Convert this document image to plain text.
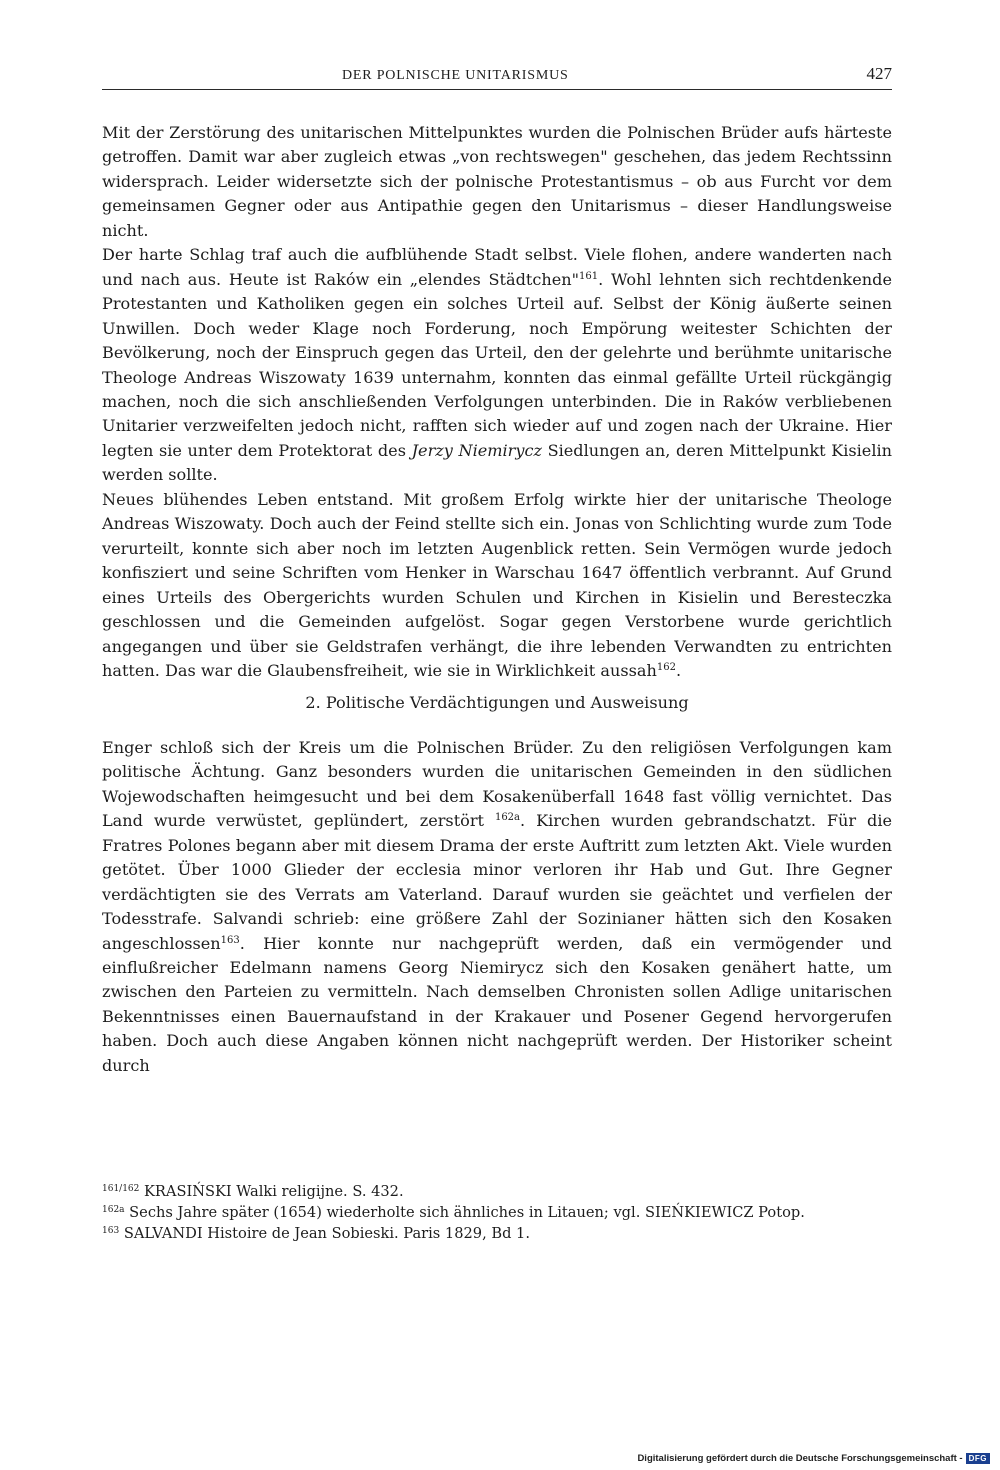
DER POLNISCHE UNITARISMUS	427

Mit der Zerstörung des unitarischen Mittelpunktes wurden die Polnischen Brüder aufs härteste getroffen. Damit war aber zugleich etwas „von rechtswegen" geschehen, das jedem Rechtssinn widersprach. Leider widersetzte sich der polnische Protestantismus – ob aus Furcht vor dem gemeinsamen Gegner oder aus Antipathie gegen den Unitarismus – dieser Handlungsweise nicht.

Der harte Schlag traf auch die aufblühende Stadt selbst. Viele flohen, andere wanderten nach und nach aus. Heute ist Raków ein „elendes Städtchen"$^{161}$. Wohl lehnten sich rechtdenkende Protestanten und Katholiken gegen ein solches Urteil auf. Selbst der König äußerte seinen Unwillen. Doch weder Klage noch Forderung, noch Empörung weitester Schichten der Bevölkerung, noch der Einspruch gegen das Urteil, den der gelehrte und berühmte unitarische Theologe Andreas Wiszowaty 1639 unternahm, konnten das einmal gefällte Urteil rückgängig machen, noch die sich anschließenden Verfolgungen unterbinden. Die in Raków verbliebenen Unitarier verzweifelten jedoch nicht, rafften sich wieder auf und zogen nach der Ukraine. Hier legten sie unter dem Protektorat des Jerzy Niemirycz Siedlungen an, deren Mittelpunkt Kisielin werden sollte.

Neues blühendes Leben entstand. Mit großem Erfolg wirkte hier der unitarische Theologe Andreas Wiszowaty. Doch auch der Feind stellte sich ein. Jonas von Schlichting wurde zum Tode verurteilt, konnte sich aber noch im letzten Augenblick retten. Sein Vermögen wurde jedoch konfisziert und seine Schriften vom Henker in Warschau 1647 öffentlich verbrannt. Auf Grund eines Urteils des Obergerichts wurden Schulen und Kirchen in Kisielin und Beresteczka geschlossen und die Gemeinden aufgelöst. Sogar gegen Verstorbene wurde gerichtlich angegangen und über sie Geldstrafen verhängt, die ihre lebenden Verwandten zu entrichten hatten. Das war die Glaubensfreiheit, wie sie in Wirklichkeit aussah$^{162}$.

2. Politische Verdächtigungen und Ausweisung

Enger schloß sich der Kreis um die Polnischen Brüder. Zu den religiösen Verfolgungen kam politische Ächtung. Ganz besonders wurden die unitarischen Gemeinden in den südlichen Wojewodschaften heimgesucht und bei dem Kosakenüberfall 1648 fast völlig vernichtet. Das Land wurde verwüstet, geplündert, zerstört $^{162a}$. Kirchen wurden gebrandschatzt. Für die Fratres Polones begann aber mit diesem Drama der erste Auftritt zum letzten Akt. Viele wurden getötet. Über 1000 Glieder der ecclesia minor verloren ihr Hab und Gut. Ihre Gegner verdächtigten sie des Verrats am Vaterland. Darauf wurden sie geächtet und verfielen der Todesstrafe. Salvandi schrieb: eine größere Zahl der Sozinianer hätten sich den Kosaken angeschlossen$^{163}$. Hier konnte nur nachgeprüft werden, daß ein vermögender und einflußreicher Edelmann namens Georg Niemirycz sich den Kosaken genähert hatte, um zwischen den Parteien zu vermitteln. Nach demselben Chronisten sollen Adlige unitarischen Bekenntnisses einen Bauernaufstand in der Krakauer und Posener Gegend hervorgerufen haben. Doch auch diese Angaben können nicht nachgeprüft werden. Der Historiker scheint durch

$^{161/162}$ KRASIŃSKI Walki religijne. S. 432.

$^{162a}$ Sechs Jahre später (1654) wiederholte sich ähnliches in Litauen; vgl. SIEŃKIEWICZ Potop.

$^{163}$ SALVANDI Histoire de Jean Sobieski. Paris 1829, Bd 1.

Digitalisierung gefördert durch die Deutsche Forschungsgemeinschaft - DFG
